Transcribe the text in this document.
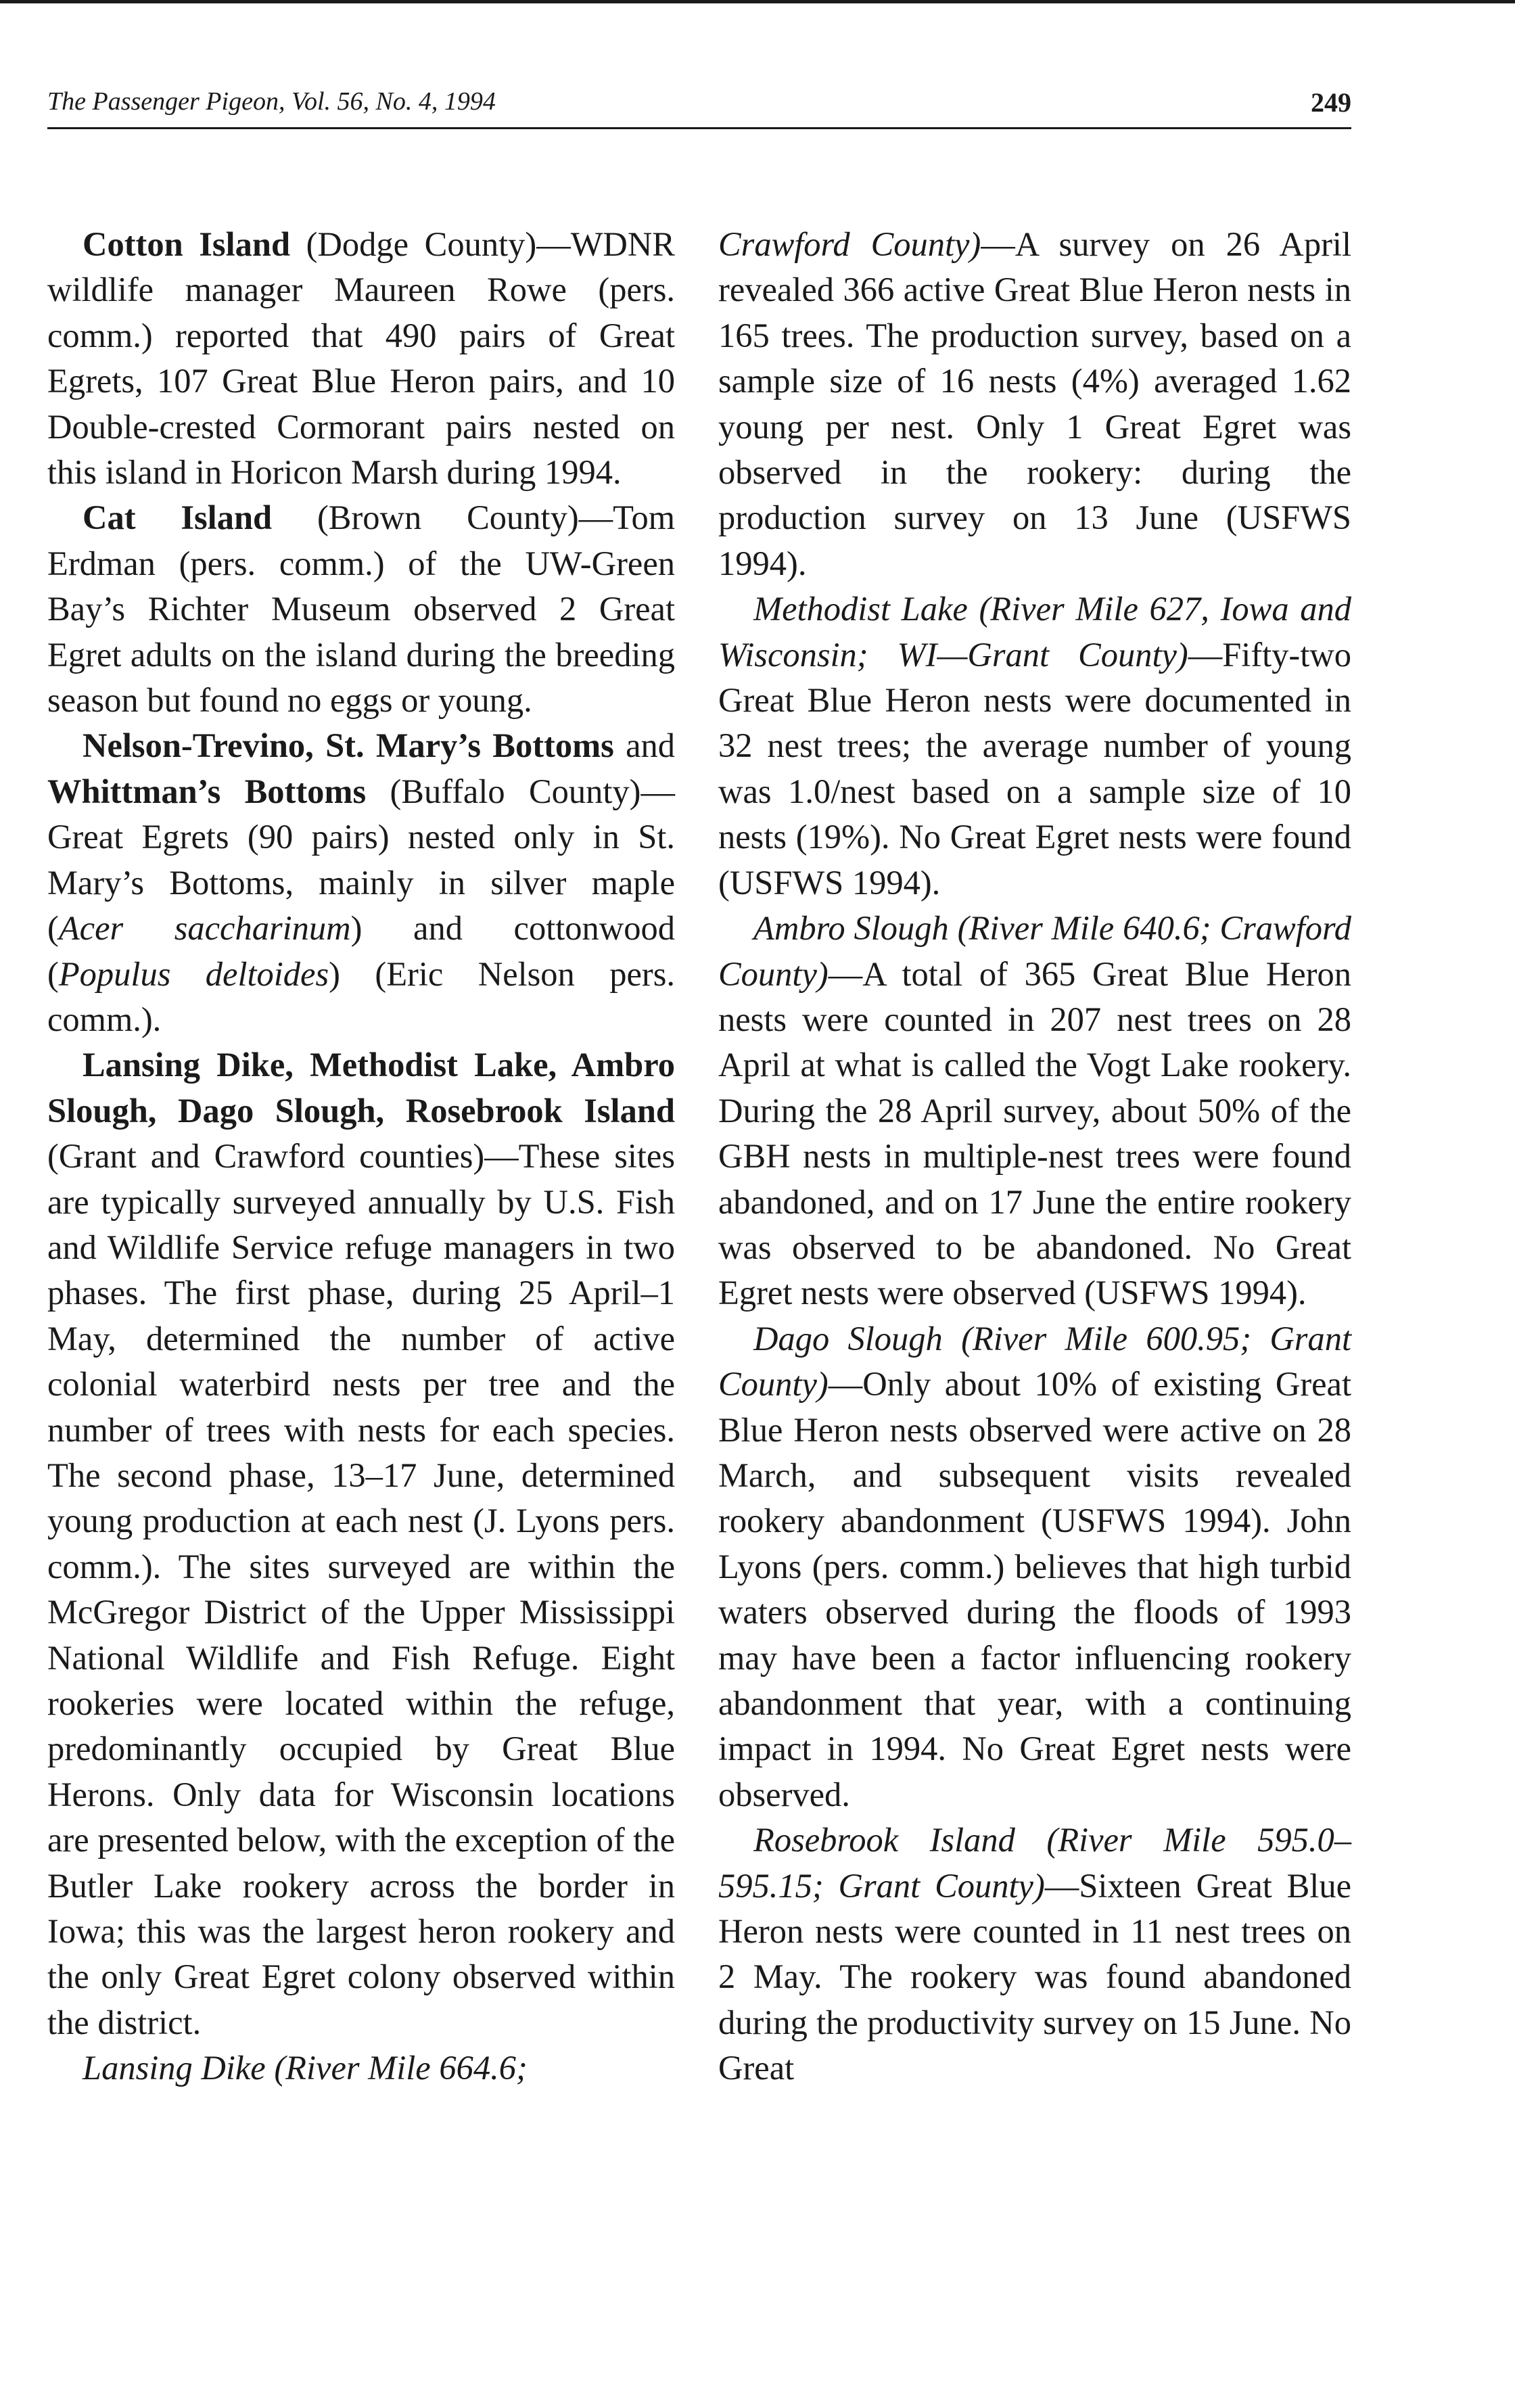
The Passenger Pigeon, Vol. 56, No. 4, 1994	249

Cotton Island (Dodge County)—WDNR wildlife manager Maureen Rowe (pers. comm.) reported that 490 pairs of Great Egrets, 107 Great Blue Heron pairs, and 10 Double-crested Cormorant pairs nested on this island in Horicon Marsh during 1994.

Cat Island (Brown County)—Tom Erdman (pers. comm.) of the UW-Green Bay’s Richter Museum observed 2 Great Egret adults on the island during the breeding season but found no eggs or young.

Nelson-Trevino, St. Mary’s Bottoms and Whittman’s Bottoms (Buffalo County)—Great Egrets (90 pairs) nested only in St. Mary’s Bottoms, mainly in silver maple (Acer saccharinum) and cottonwood (Populus deltoides) (Eric Nelson pers. comm.).

Lansing Dike, Methodist Lake, Ambro Slough, Dago Slough, Rosebrook Island (Grant and Crawford counties)—These sites are typically surveyed annually by U.S. Fish and Wildlife Service refuge managers in two phases. The first phase, during 25 April–1 May, determined the number of active colonial waterbird nests per tree and the number of trees with nests for each species. The second phase, 13–17 June, determined young production at each nest (J. Lyons pers. comm.). The sites surveyed are within the McGregor District of the Upper Mississippi National Wildlife and Fish Refuge. Eight rookeries were located within the refuge, predominantly occupied by Great Blue Herons. Only data for Wisconsin locations are presented below, with the exception of the Butler Lake rookery across the border in Iowa; this was the largest heron rookery and the only Great Egret colony observed within the district.

Lansing Dike (River Mile 664.6;

Crawford County)—A survey on 26 April revealed 366 active Great Blue Heron nests in 165 trees. The production survey, based on a sample size of 16 nests (4%) averaged 1.62 young per nest. Only 1 Great Egret was observed in the rookery: during the production survey on 13 June (USFWS 1994).

Methodist Lake (River Mile 627, Iowa and Wisconsin; WI—Grant County)—Fifty-two Great Blue Heron nests were documented in 32 nest trees; the average number of young was 1.0/nest based on a sample size of 10 nests (19%). No Great Egret nests were found (USFWS 1994).

Ambro Slough (River Mile 640.6; Crawford County)—A total of 365 Great Blue Heron nests were counted in 207 nest trees on 28 April at what is called the Vogt Lake rookery. During the 28 April survey, about 50% of the GBH nests in multiple-nest trees were found abandoned, and on 17 June the entire rookery was observed to be abandoned. No Great Egret nests were observed (USFWS 1994).

Dago Slough (River Mile 600.95; Grant County)—Only about 10% of existing Great Blue Heron nests observed were active on 28 March, and subsequent visits revealed rookery abandonment (USFWS 1994). John Lyons (pers. comm.) believes that high turbid waters observed during the floods of 1993 may have been a factor influencing rookery abandonment that year, with a continuing impact in 1994. No Great Egret nests were observed.

Rosebrook Island (River Mile 595.0–595.15; Grant County)—Sixteen Great Blue Heron nests were counted in 11 nest trees on 2 May. The rookery was found abandoned during the productivity survey on 15 June. No Great
